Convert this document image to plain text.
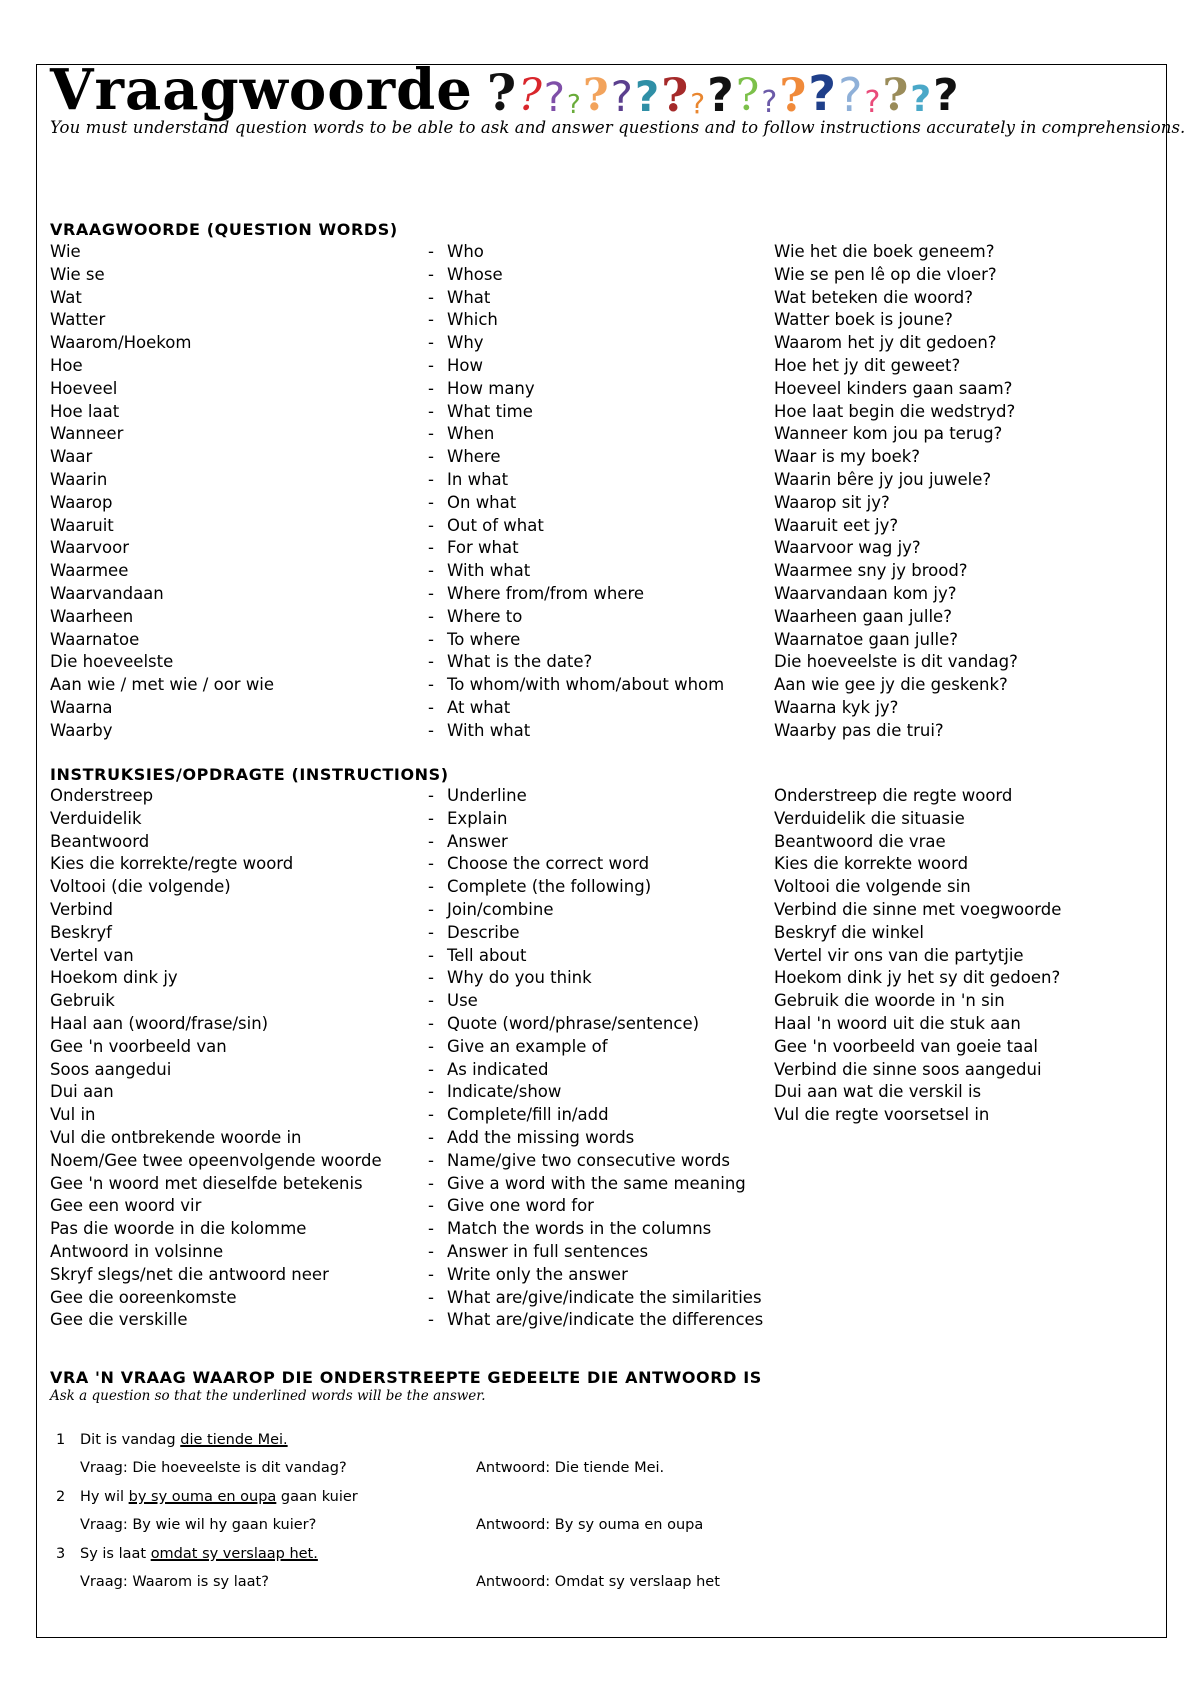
Vraagwoorde ? ? ? ? ? ? ? ? ? ? ? ? ? ? ? ? ? ? ?
You must understand question words to be able to ask and answer questions and to follow instructions accurately in comprehensions.
VRAAGWOORDE (QUESTION WORDS)
Wie	- Who	Wie het die boek geneem?
Wie se	- Whose	Wie se pen lê op die vloer?
Wat	- What	Wat beteken die woord?
Watter	- Which	Watter boek is joune?
Waarom/Hoekom	- Why	Waarom het jy dit gedoen?
Hoe	- How	Hoe het jy dit geweet?
Hoeveel	- How many	Hoeveel kinders gaan saam?
Hoe laat	- What time	Hoe laat begin die wedstryd?
Wanneer	- When	Wanneer kom jou pa terug?
Waar	- Where	Waar is my boek?
Waarin	- In what	Waarin bêre jy jou juwele?
Waarop	- On what	Waarop sit jy?
Waaruit	- Out of what	Waaruit eet jy?
Waarvoor	- For what	Waarvoor wag jy?
Waarmee	- With what	Waarmee sny jy brood?
Waarvandaan	- Where from/from where	Waarvandaan kom jy?
Waarheen	- Where to	Waarheen gaan julle?
Waarnatoe	- To where	Waarnatoe gaan julle?
Die hoeveelste	- What is the date?	Die hoeveelste is dit vandag?
Aan wie / met wie / oor wie	- To whom/with whom/about whom	Aan wie gee jy die geskenk?
Waarna	- At what	Waarna kyk jy?
Waarby	- With what	Waarby pas die trui?
INSTRUKSIES/OPDRAGTE (INSTRUCTIONS)
Onderstreep	- Underline	Onderstreep die regte woord
Verduidelik	- Explain	Verduidelik die situasie
Beantwoord	- Answer	Beantwoord die vrae
Kies die korrekte/regte woord	- Choose the correct word	Kies die korrekte woord
Voltooi (die volgende)	- Complete (the following)	Voltooi die volgende sin
Verbind	- Join/combine	Verbind die sinne met voegwoorde
Beskryf	- Describe	Beskryf die winkel
Vertel van	- Tell about	Vertel vir ons van die partytjie
Hoekom dink jy	- Why do you think	Hoekom dink jy het sy dit gedoen?
Gebruik	- Use	Gebruik die woorde in 'n sin
Haal aan (woord/frase/sin)	- Quote (word/phrase/sentence)	Haal 'n woord uit die stuk aan
Gee 'n voorbeeld van	- Give an example of	Gee 'n voorbeeld van goeie taal
Soos aangedui	- As indicated	Verbind die sinne soos aangedui
Dui aan	- Indicate/show	Dui aan wat die verskil is
Vul in	- Complete/fill in/add	Vul die regte voorsetsel in
Vul die ontbrekende woorde in	- Add the missing words
Noem/Gee twee opeenvolgende woorde	- Name/give two consecutive words
Gee 'n woord met dieselfde betekenis	- Give a word with the same meaning
Gee een woord vir	- Give one word for
Pas die woorde in die kolomme	- Match the words in the columns
Antwoord in volsinne	- Answer in full sentences
Skryf slegs/net die antwoord neer	- Write only the answer
Gee die ooreenkomste	- What are/give/indicate the similarities
Gee die verskille	- What are/give/indicate the differences
VRA 'N VRAAG WAAROP DIE ONDERSTREEPTE GEDEELTE DIE ANTWOORD IS
Ask a question so that the underlined words will be the answer.
1 Dit is vandag die tiende Mei.
Vraag: Die hoeveelste is dit vandag?	Antwoord: Die tiende Mei.
2 Hy wil by sy ouma en oupa gaan kuier
Vraag: By wie wil hy gaan kuier?	Antwoord: By sy ouma en oupa
3 Sy is laat omdat sy verslaap het.
Vraag: Waarom is sy laat?	Antwoord: Omdat sy verslaap het
